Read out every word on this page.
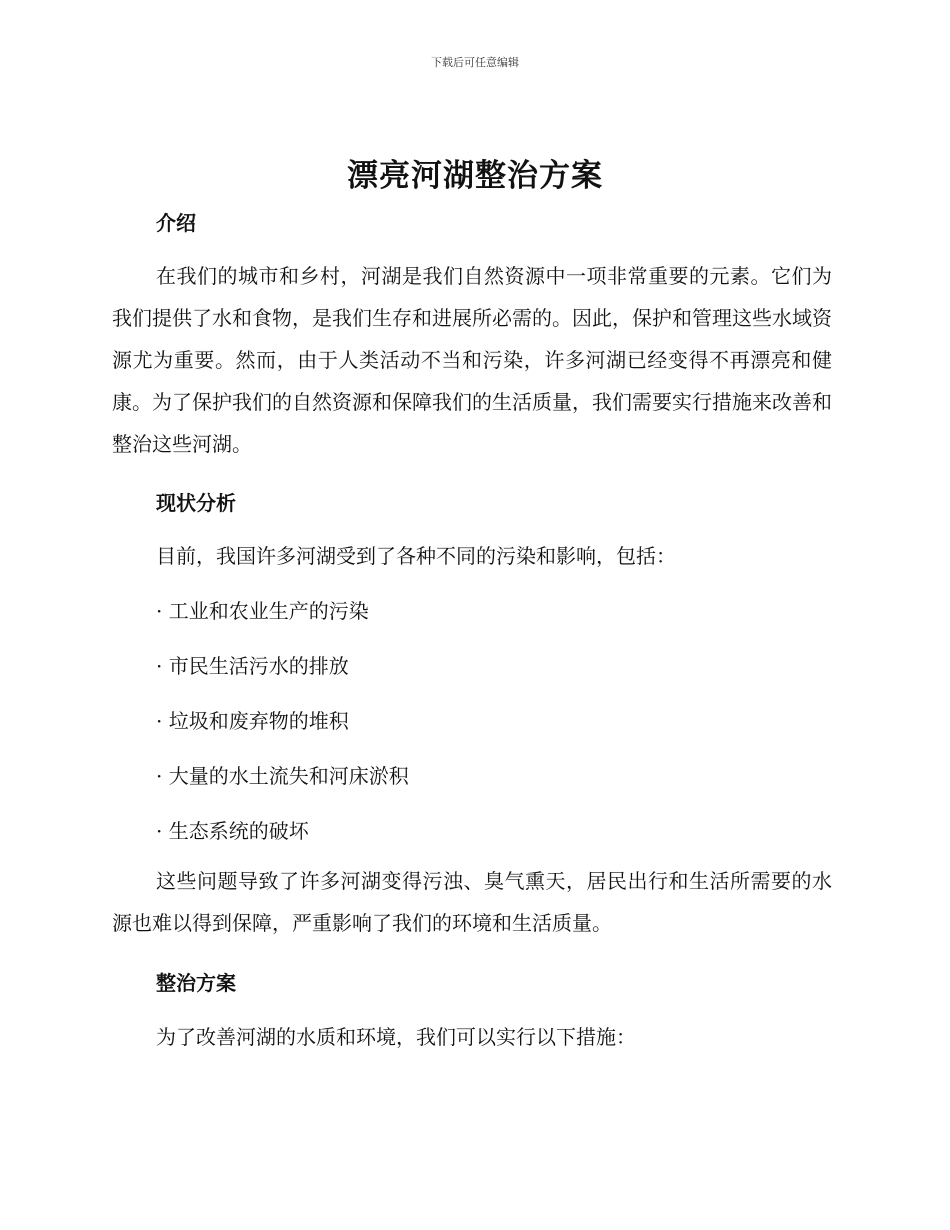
下载后可任意编辑
漂亮河湖整治方案
介绍
在我们的城市和乡村，河湖是我们自然资源中一项非常重要的元素。它们为我们提供了水和食物，是我们生存和进展所必需的。因此，保护和管理这些水域资源尤为重要。然而，由于人类活动不当和污染，许多河湖已经变得不再漂亮和健康。为了保护我们的自然资源和保障我们的生活质量，我们需要实行措施来改善和整治这些河湖。
现状分析
目前，我国许多河湖受到了各种不同的污染和影响，包括：
· 工业和农业生产的污染
· 市民生活污水的排放
· 垃圾和废弃物的堆积
· 大量的水土流失和河床淤积
· 生态系统的破坏
这些问题导致了许多河湖变得污浊、臭气熏天，居民出行和生活所需要的水源也难以得到保障，严重影响了我们的环境和生活质量。
整治方案
为了改善河湖的水质和环境，我们可以实行以下措施：
